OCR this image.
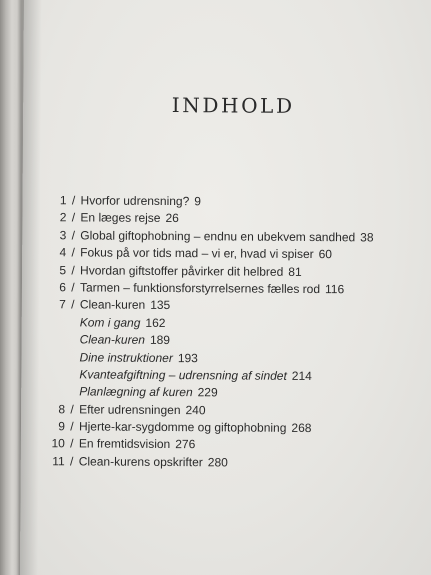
INDHOLD
1 / Hvorfor udrensning? 9
2 / En læges rejse 26
3 / Global giftophobning – endnu en ubekvem sandhed 38
4 / Fokus på vor tids mad – vi er, hvad vi spiser 60
5 / Hvordan giftstoffer påvirker dit helbred 81
6 / Tarmen – funktionsforstyrrelsernes fælles rod 116
7 / Clean-kuren 135
Kom i gang 162
Clean-kuren 189
Dine instruktioner 193
Kvanteafgiftning – udrensning af sindet 214
Planlægning af kuren 229
8 / Efter udrensningen 240
9 / Hjerte-kar-sygdomme og giftophobning 268
10 / En fremtidsvision 276
11 / Clean-kurens opskrifter 280
